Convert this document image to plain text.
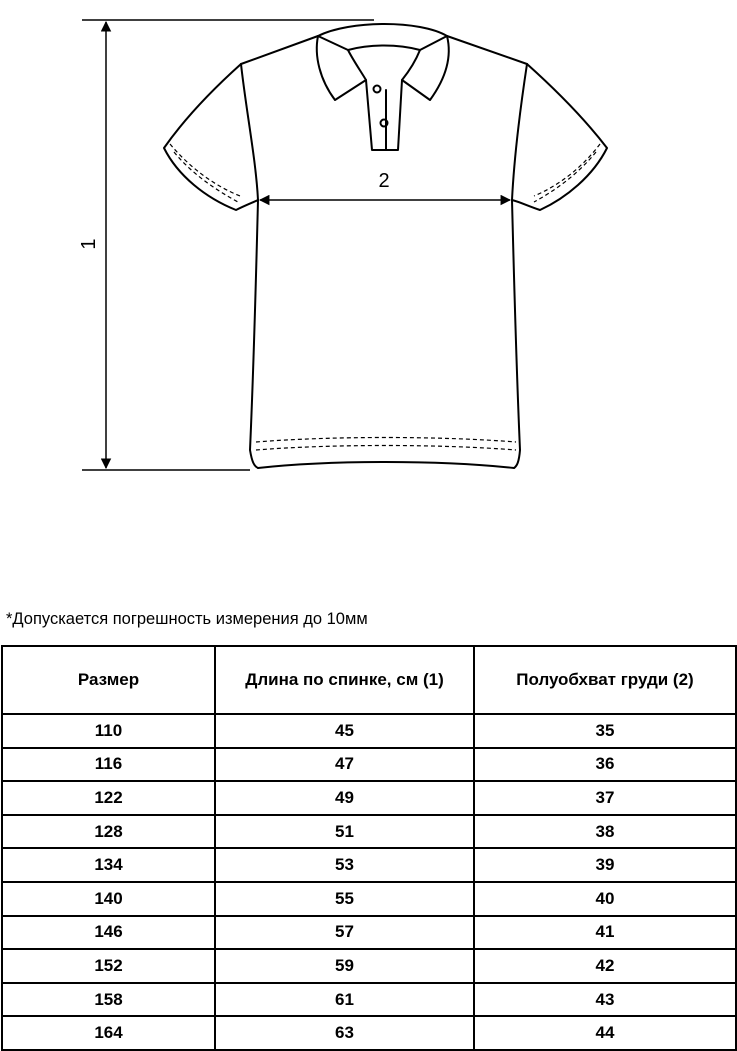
2
1
*Допускается погрешность измерения до 10мм
Размер	Длина по спинке, см (1)	Полуобхват груди (2)
110	45	35
116	47	36
122	49	37
128	51	38
134	53	39
140	55	40
146	57	41
152	59	42
158	61	43
164	63	44
